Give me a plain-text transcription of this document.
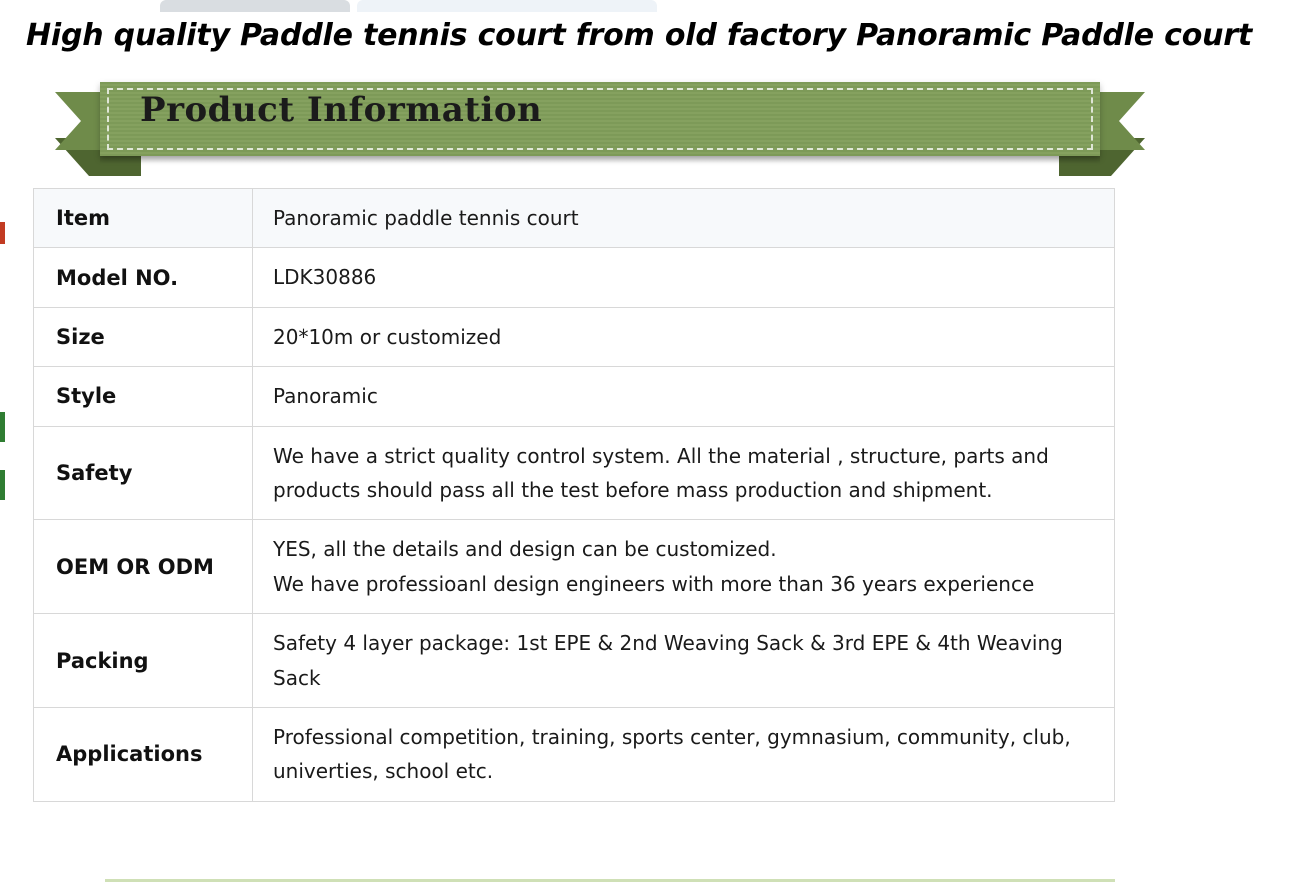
High quality Paddle tennis court from old factory Panoramic Paddle court
Product Information
Item	Panoramic paddle tennis court

Model NO.	LDK30886

Size	20*10m or customized

Style	Panoramic

Safety	We have a strict quality control system. All the material , structure, parts and products should pass all the test before mass production and shipment.

OEM OR ODM	YES, all the details and design can be customized.
We have professioanl design engineers with more than 36 years experience

Packing	Safety 4 layer package: 1st EPE & 2nd Weaving Sack & 3rd EPE & 4th Weaving Sack

Applications	Professional competition, training, sports center, gymnasium, community, club, univerties, school etc.
